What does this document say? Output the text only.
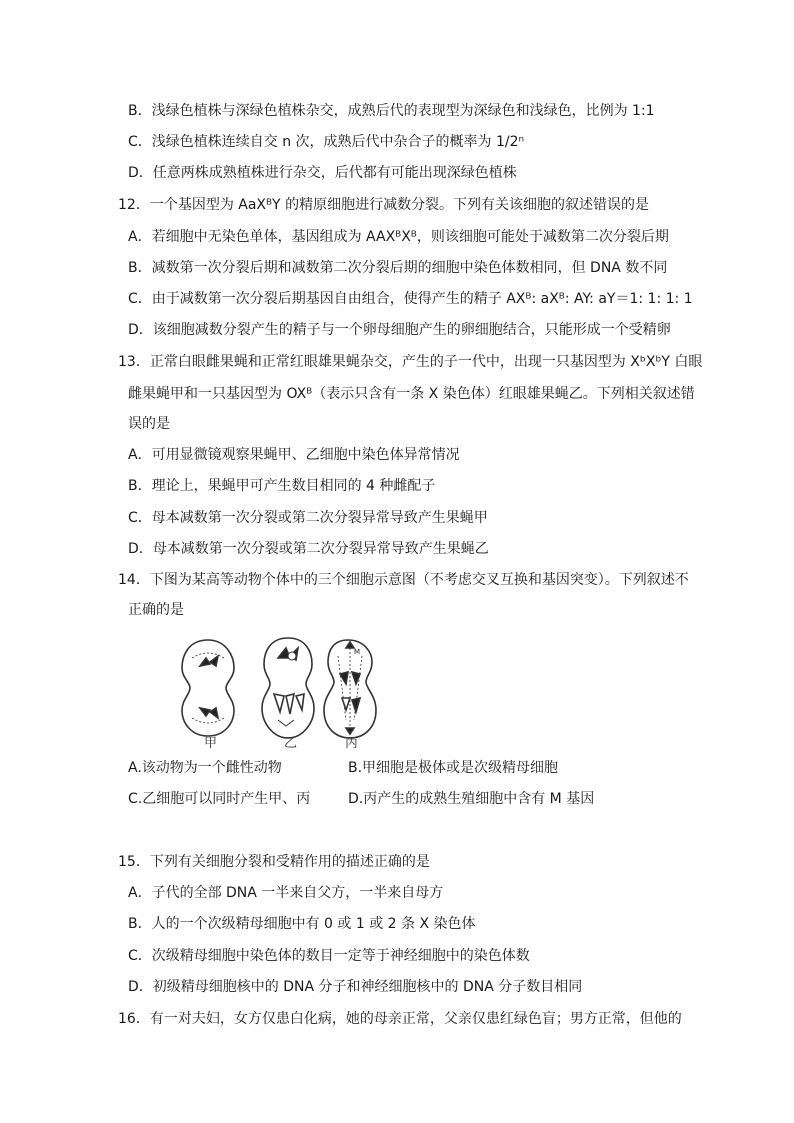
B．浅绿色植株与深绿色植株杂交，成熟后代的表现型为深绿色和浅绿色，比例为 1:1
C．浅绿色植株连续自交 n 次，成熟后代中杂合子的概率为 1/2ⁿ
D．任意两株成熟植株进行杂交，后代都有可能出现深绿色植株
12．一个基因型为 AaXᴮY 的精原细胞进行减数分裂。下列有关该细胞的叙述错误的是
A．若细胞中无染色单体，基因组成为 AAXᴮXᴮ，则该细胞可能处于减数第二次分裂后期
B．减数第一次分裂后期和减数第二次分裂后期的细胞中染色体数相同，但 DNA 数不同
C．由于减数第一次分裂后期基因自由组合，使得产生的精子 AXᴮ: aXᴮ: AY: aY＝1: 1: 1: 1
D．该细胞减数分裂产生的精子与一个卵母细胞产生的卵细胞结合，只能形成一个受精卵
13．正常白眼雌果蝇和正常红眼雄果蝇杂交，产生的子一代中，出现一只基因型为 XᵇXᵇY 白眼
雌果蝇甲和一只基因型为 OXᴮ（表示只含有一条 X 染色体）红眼雄果蝇乙。下列相关叙述错
误的是
A．可用显微镜观察果蝇甲、乙细胞中染色体异常情况
B．理论上，果蝇甲可产生数目相同的 4 种雌配子
C．母本减数第一次分裂或第二次分裂异常导致产生果蝇甲
D．母本减数第一次分裂或第二次分裂异常导致产生果蝇乙
14．下图为某高等动物个体中的三个细胞示意图（不考虑交叉互换和基因突变）。下列叙述不
正确的是
M
甲	乙	丙
A.该动物为一个雌性动物	B.甲细胞是极体或是次级精母细胞
C.乙细胞可以同时产生甲、丙	D.丙产生的成熟生殖细胞中含有 M 基因
15．下列有关细胞分裂和受精作用的描述正确的是
A．子代的全部 DNA 一半来自父方，一半来自母方
B．人的一个次级精母细胞中有 0 或 1 或 2 条 X 染色体
C．次级精母细胞中染色体的数目一定等于神经细胞中的染色体数
D．初级精母细胞核中的 DNA 分子和神经细胞核中的 DNA 分子数目相同
16．有一对夫妇，女方仅患白化病，她的母亲正常，父亲仅患红绿色盲；男方正常，但他的
